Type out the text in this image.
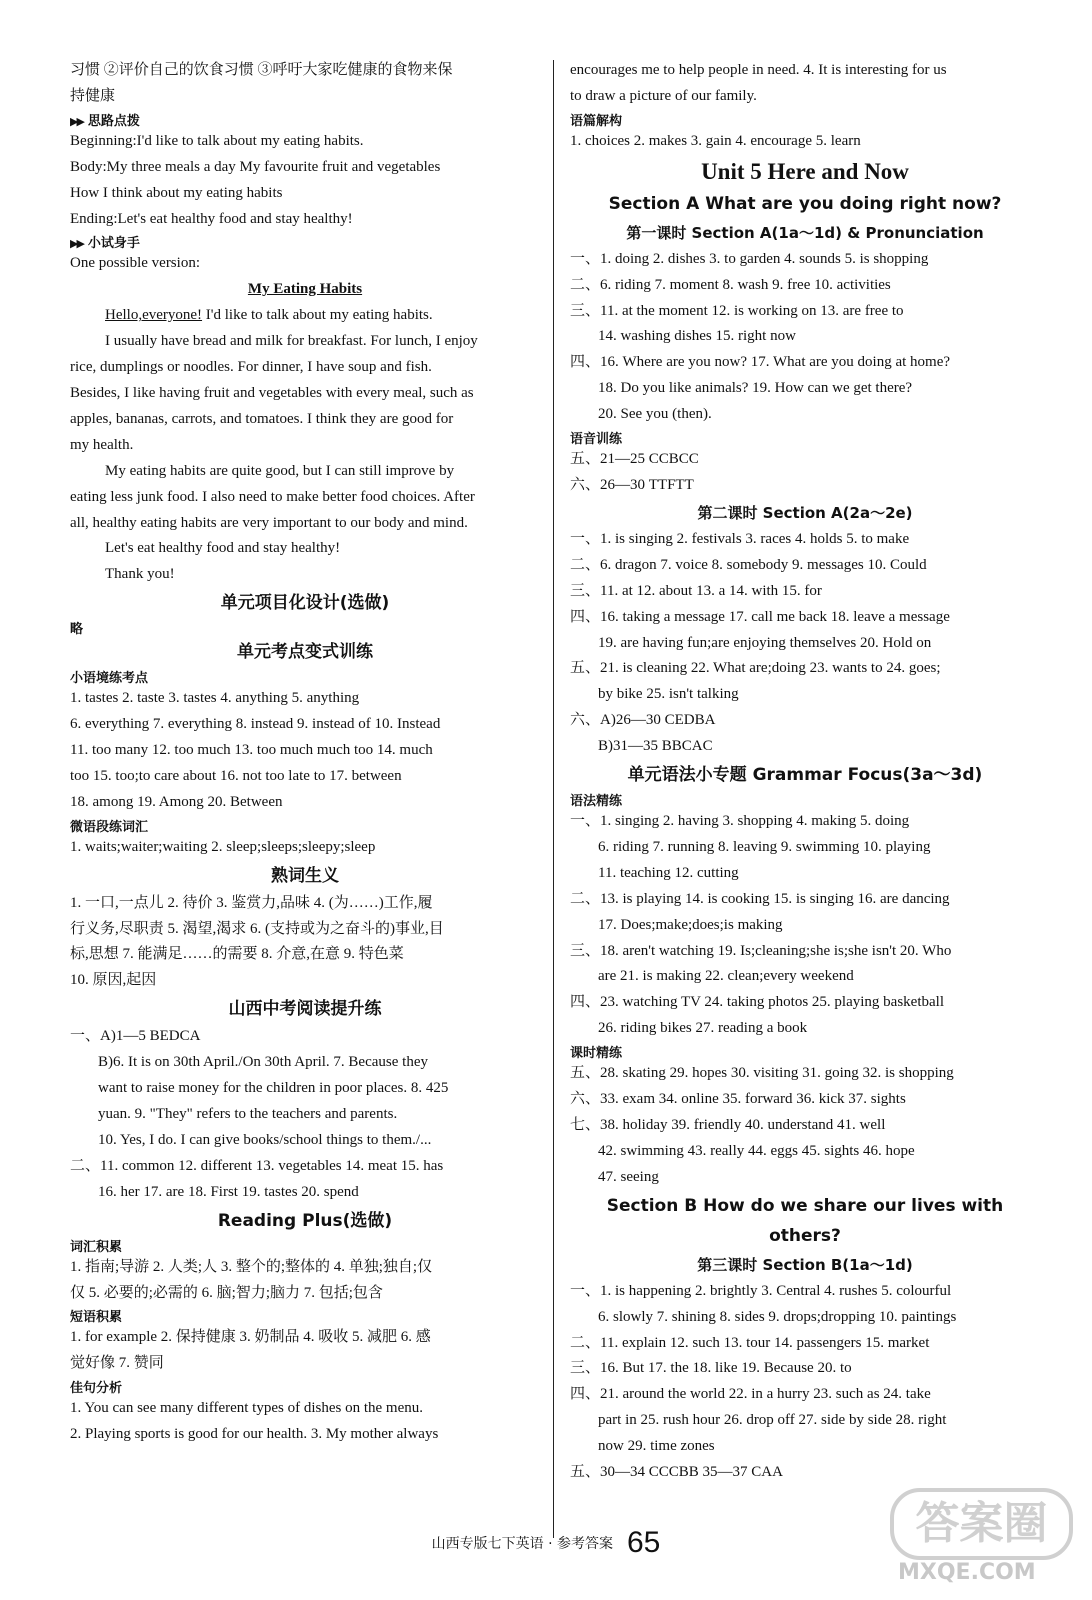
习惯 ②评价自己的饮食习惯 ③呼吁大家吃健康的食物来保
持健康
▶▶ 思路点拨
Beginning:I'd like to talk about my eating habits.
Body:My three meals a day My favourite fruit and vegetables
How I think about my eating habits
Ending:Let's eat healthy food and stay healthy!
▶▶ 小试身手
One possible version:
My Eating Habits
Hello,everyone! I'd like to talk about my eating habits.
I usually have bread and milk for breakfast. For lunch, I enjoy
rice, dumplings or noodles. For dinner, I have soup and fish.
Besides, I like having fruit and vegetables with every meal, such as
apples, bananas, carrots, and tomatoes. I think they are good for
my health.
My eating habits are quite good, but I can still improve by
eating less junk food. I also need to make better food choices. After
all, healthy eating habits are very important to our body and mind.
Let's eat healthy food and stay healthy!
Thank you!
单元项目化设计(选做)
略
单元考点变式训练
小语境练考点
1. tastes 2. taste 3. tastes 4. anything 5. anything
6. everything 7. everything 8. instead 9. instead of 10. Instead
11. too many 12. too much 13. too much much too 14. much
too 15. too;to care about 16. not too late to 17. between
18. among 19. Among 20. Between
微语段练词汇
1. waits;waiter;waiting 2. sleep;sleeps;sleepy;sleep
熟词生义
1. 一口,一点儿 2. 待价 3. 鉴赏力,品味 4. (为……)工作,履
行义务,尽职责 5. 渴望,渴求 6. (支持或为之奋斗的)事业,目
标,思想 7. 能满足……的需要 8. 介意,在意 9. 特色菜
10. 原因,起因
山西中考阅读提升练
一、A)1—5 BEDCA
B)6. It is on 30th April./On 30th April. 7. Because they
want to raise money for the children in poor places. 8. 425
yuan. 9. "They" refers to the teachers and parents.
10. Yes, I do. I can give books/school things to them./...
二、11. common 12. different 13. vegetables 14. meat 15. has
16. her 17. are 18. First 19. tastes 20. spend
Reading Plus(选做)
词汇积累
1. 指南;导游 2. 人类;人 3. 整个的;整体的 4. 单独;独自;仅
仅 5. 必要的;必需的 6. 脑;智力;脑力 7. 包括;包含
短语积累
1. for example 2. 保持健康 3. 奶制品 4. 吸收 5. 减肥 6. 感
觉好像 7. 赞同
佳句分析
1. You can see many different types of dishes on the menu.
2. Playing sports is good for our health. 3. My mother always
encourages me to help people in need. 4. It is interesting for us
to draw a picture of our family.
语篇解构
1. choices 2. makes 3. gain 4. encourage 5. learn
Unit 5 Here and Now
Section A What are you doing right now?
第一课时 Section A(1a～1d) & Pronunciation
一、1. doing 2. dishes 3. to garden 4. sounds 5. is shopping
二、6. riding 7. moment 8. wash 9. free 10. activities
三、11. at the moment 12. is working on 13. are free to
14. washing dishes 15. right now
四、16. Where are you now? 17. What are you doing at home?
18. Do you like animals? 19. How can we get there?
20. See you (then).
语音训练
五、21—25 CCBCC
六、26—30 TTFTT
第二课时 Section A(2a～2e)
一、1. is singing 2. festivals 3. races 4. holds 5. to make
二、6. dragon 7. voice 8. somebody 9. messages 10. Could
三、11. at 12. about 13. a 14. with 15. for
四、16. taking a message 17. call me back 18. leave a message
19. are having fun;are enjoying themselves 20. Hold on
五、21. is cleaning 22. What are;doing 23. wants to 24. goes;
by bike 25. isn't talking
六、A)26—30 CEDBA
B)31—35 BBCAC
单元语法小专题 Grammar Focus(3a～3d)
语法精练
一、1. singing 2. having 3. shopping 4. making 5. doing
6. riding 7. running 8. leaving 9. swimming 10. playing
11. teaching 12. cutting
二、13. is playing 14. is cooking 15. is singing 16. are dancing
17. Does;make;does;is making
三、18. aren't watching 19. Is;cleaning;she is;she isn't 20. Who
are 21. is making 22. clean;every weekend
四、23. watching TV 24. taking photos 25. playing basketball
26. riding bikes 27. reading a book
课时精练
五、28. skating 29. hopes 30. visiting 31. going 32. is shopping
六、33. exam 34. online 35. forward 36. kick 37. sights
七、38. holiday 39. friendly 40. understand 41. well
42. swimming 43. really 44. eggs 45. sights 46. hope
47. seeing
Section B How do we share our lives with others?
第三课时 Section B(1a～1d)
一、1. is happening 2. brightly 3. Central 4. rushes 5. colourful
6. slowly 7. shining 8. sides 9. drops;dropping 10. paintings
二、11. explain 12. such 13. tour 14. passengers 15. market
三、16. But 17. the 18. like 19. Because 20. to
四、21. around the world 22. in a hurry 23. such as 24. take
part in 25. rush hour 26. drop off 27. side by side 28. right
now 29. time zones
五、30—34 CCCBB 35—37 CAA
山西专版七下英语 · 参考答案 65	答案圈
MXQE.COM
